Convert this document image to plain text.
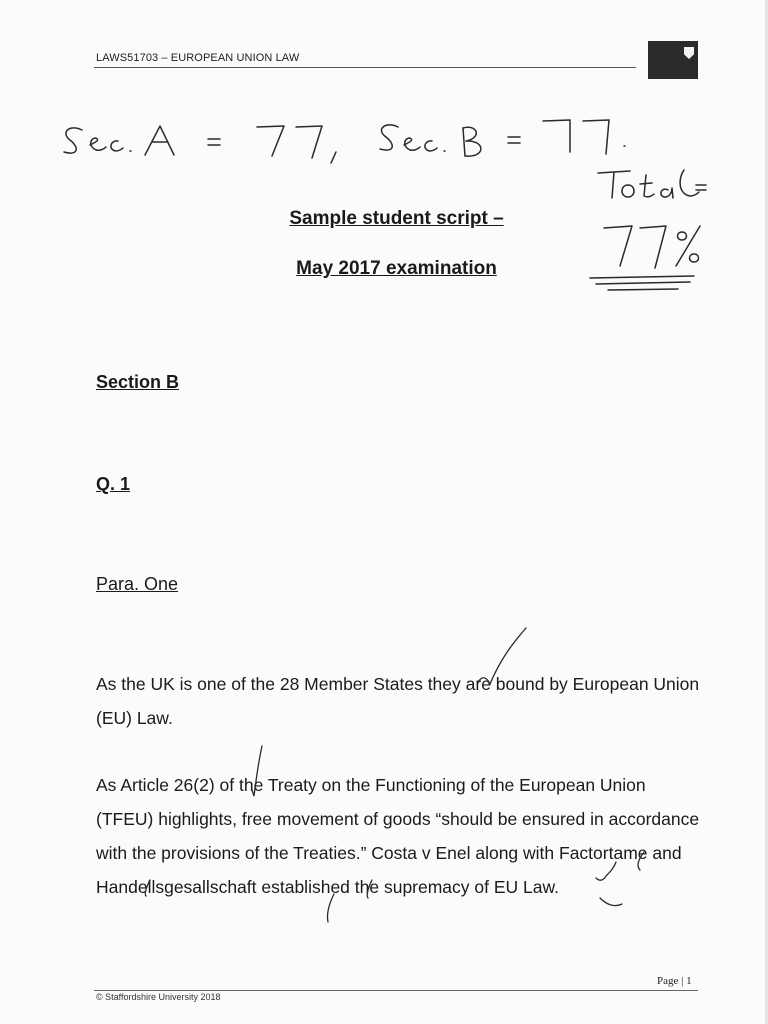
LAWS51703 – EUROPEAN UNION LAW
Sample student script –
May 2017 examination
Section B
Q. 1
Para. One
As the UK is one of the 28 Member States they are bound by European Union (EU) Law.
As Article 26(2) of the Treaty on the Functioning of the European Union (TFEU) highlights, free movement of goods “should be ensured in accordance with the provisions of the Treaties.” Costa v Enel along with Factortame and Handellsgesallschaft established the supremacy of EU Law.
Page | 1
© Staffordshire University 2018
